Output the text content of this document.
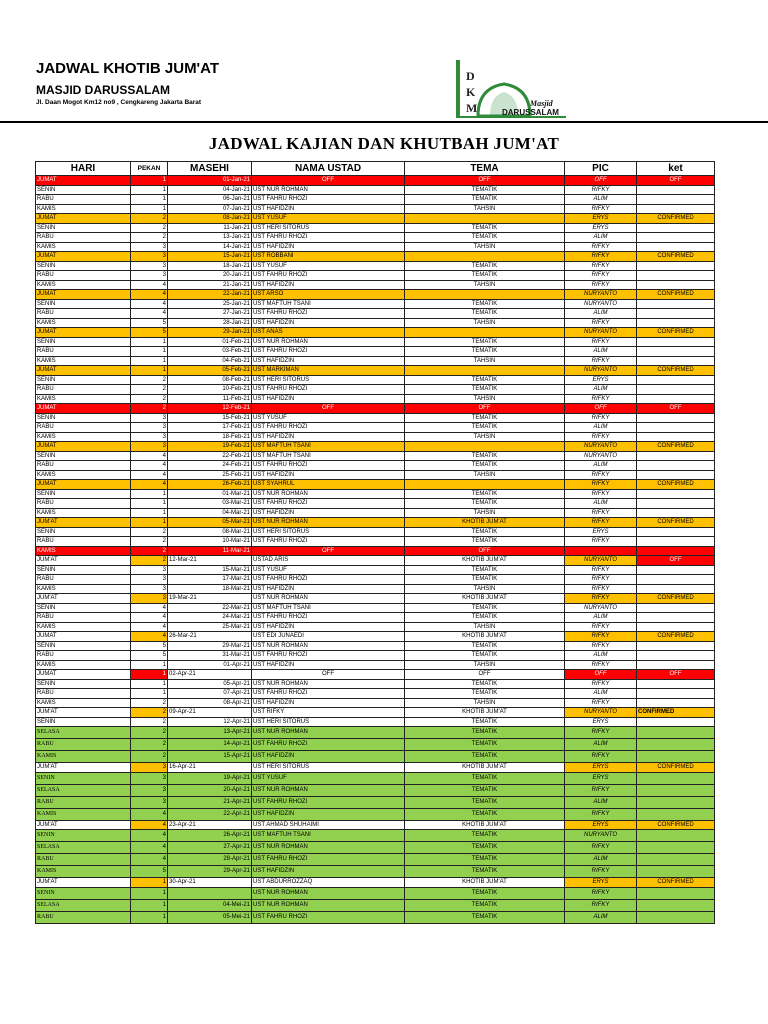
JADWAL KHOTIB JUM'AT
MASJID DARUSSALAM
Jl. Daan Mogot Km12 no9 , Cengkareng Jakarta Barat
D
K
M	Masjid
DARUSSALAM
JADWAL KAJIAN DAN KHUTBAH JUM'AT
HARI	PEKAN	MASEHI	NAMA USTAD	TEMA	PIC	ket
JUMAT	1	01-Jan-21	OFF	OFF	OFF	OFF
SENIN	1	04-Jan-21	UST NUR ROHMAN	TEMATIK	RIFKY	
RABU	1	06-Jan-21	UST FAHRU RHOZI	TEMATIK	ALIM	
KAMIS	1	07-Jan-21	UST HAFIDZIN	TAHSIN	RIFKY	
JUMAT	2	08-Jan-21	UST YUSUF		ERYS	CONFIRMED
SENIN	2	11-Jan-21	UST HERI SITORUS	TEMATIK	ERYS	
RABU	2	13-Jan-21	UST FAHRU RHOZI	TEMATIK	ALIM	
KAMIS	3	14-Jan-21	UST HAFIDZIN	TAHSIN	RIFKY	
JUMAT	3	15-Jan-21	UST ROBBANI		RIFKY	CONFIRMED
SENIN	3	18-Jan-21	UST YUSUF	TEMATIK	RIFKY	
RABU	3	20-Jan-21	UST FAHRU RHOZI	TEMATIK	RIFKY	
KAMIS	4	21-Jan-21	UST HAFIDZIN	TAHSIN	RIFKY	
JUMAT	4	22-Jan-21	UST ARSO		NURYANTO	CONFIRMED
SENIN	4	25-Jan-21	UST MAFTUH TSANI	TEMATIK	NURYANTO	
RABU	4	27-Jan-21	UST FAHRU RHOZI	TEMATIK	ALIM	
KAMIS	5	28-Jan-21	UST HAFIDZIN	TAHSIN	RIFKY	
JUMAT	5	29-Jan-21	UST ANAS		NURYANTO	CONFIRMED
SENIN	1	01-Feb-21	UST NUR ROHMAN	TEMATIK	RIFKY	
RABU	1	03-Feb-21	UST FAHRU RHOZI	TEMATIK	ALIM	
KAMIS	1	04-Feb-21	UST HAFIDZIN	TAHSIN	RIFKY	
JUMAT	1	05-Feb-21	UST MARKIMAN		NURYANTO	CONFIRMED
SENIN	2	08-Feb-21	UST HERI SITORUS	TEMATIK	ERYS	
RABU	2	10-Feb-21	UST FAHRU RHOZI	TEMATIK	ALIM	
KAMIS	2	11-Feb-21	UST HAFIDZIN	TAHSIN	RIFKY	
JUMAT	2	12-Feb-21	OFF	OFF	OFF	OFF
SENIN	3	15-Feb-21	UST YUSUF	TEMATIK	RIFKY	
RABU	3	17-Feb-21	UST FAHRU RHOZI	TEMATIK	ALIM	
KAMIS	3	18-Feb-21	UST HAFIDZIN	TAHSIN	RIFKY	
JUMAT	3	19-Feb-21	UST MAFTUH TSANI		NURYANTO	CONFIRMED
SENIN	4	22-Feb-21	UST MAFTUH TSANI	TEMATIK	NURYANTO	
RABU	4	24-Feb-21	UST FAHRU RHOZI	TEMATIK	ALIM	
KAMIS	4	25-Feb-21	UST HAFIDZIN	TAHSIN	RIFKY	
JUMAT	4	26-Feb-21	UST SYAHRUL		RIFKY	CONFIRMED
SENIN	1	01-Mar-21	UST NUR ROHMAN	TEMATIK	RIFKY	
RABU	1	03-Mar-21	UST FAHRU RHOZI	TEMATIK	ALIM	
KAMIS	1	04-Mar-21	UST HAFIDZIN	TAHSIN	RIFKY	
JUM'AT	1	05-Mar-21	UST NUR ROHMAN	KHOTIB JUM'AT	RIFKY	CONFIRMED
SENIN	2	08-Mar-21	UST HERI SITORUS	TEMATIK	ERYS	
RABU	2	10-Mar-21	UST FAHRU RHOZI	TEMATIK	RIFKY	
KAMIS	2	11-Mar-21	OFF	OFF		
JUM'AT	2	12-Mar-21	USTAD ARIS	KHOTIB JUM'AT	NURYANTO	OFF
SENIN	3	15-Mar-21	UST YUSUF	TEMATIK	RIFKY	
RABU	3	17-Mar-21	UST FAHRU RHOZI	TEMATIK	RIFKY	
KAMIS	3	18-Mar-21	UST HAFIDZIN	TAHSIN	RIFKY	
JUM'AT	3	19-Mar-21	UST NUR ROHMAN	KHOTIB JUM'AT	RIFKY	CONFIRMED
SENIN	4	22-Mar-21	UST MAFTUH TSANI	TEMATIK	NURYANTO	
RABU	4	24-Mar-21	UST FAHRU RHOZI	TEMATIK	ALIM	
KAMIS	4	25-Mar-21	UST HAFIDZIN	TAHSIN	RIFKY	
JUMAT	4	26-Mar-21	UST EDI JUNAEDI	KHOTIB JUM'AT	RIFKY	CONFIRMED
SENIN	5	29-Mar-21	UST NUR ROHMAN	TEMATIK	RIFKY	
RABU	5	31-Mar-21	UST FAHRU RHOZI	TEMATIK	ALIM	
KAMIS	1	01-Apr-21	UST HAFIDZIN	TAHSIN	RIFKY	
JUMAT	1	02-Apr-21	OFF	OFF	OFF	OFF
SENIN	1	05-Apr-21	UST NUR ROHMAN	TEMATIK	RIFKY	
RABU	1	07-Apr-21	UST FAHRU RHOZI	TEMATIK	ALIM	
KAMIS	2	08-Apr-21	UST HAFIDZIN	TAHSIN	RIFKY	
JUM'AT	2	09-Apr-21	UST RIFKY	KHOTIB JUM'AT	NURYANTO	CONFIRMED
SENIN	2	12-Apr-21	UST HERI SITORUS	TEMATIK	ERYS	
SELASA	2	13-Apr-21	UST NUR ROHMAN	TEMATIK	RIFKY	
RABU	2	14-Apr-21	UST FAHRU RHOZI	TEMATIK	ALIM	
KAMIS	2	15-Apr-21	UST HAFIDZIN	TEMATIK	RIFKY	
JUM'AT	3	16-Apr-21	UST HERI SITORUS	KHOTIB JUM'AT	ERYS	CONFIRMED
SENIN	3	19-Apr-21	UST YUSUF	TEMATIK	ERYS	
SELASA	3	20-Apr-21	UST NUR ROHMAN	TEMATIK	RIFKY	
RABU	3	21-Apr-21	UST FAHRU RHOZI	TEMATIK	ALIM	
KAMIS	4	22-Apr-21	UST HAFIDZIN	TEMATIK	RIFKY	
JUM'AT	4	23-Apr-21	UST AHMAD SHUHAIMI	KHOTIB JUM'AT	ERYS	CONFIRMED
SENIN	4	26-Apr-21	UST MAFTUH TSANI	TEMATIK	NURYANTO	
SELASA	4	27-Apr-21	UST NUR ROHMAN	TEMATIK	RIFKY	
RABU	4	28-Apr-21	UST FAHRU RHOZI	TEMATIK	ALIM	
KAMIS	5	29-Apr-21	UST HAFIDZIN	TEMATIK	RIFKY	
JUM'AT	1	30-Apr-21	UST ABDURROZZAQ	KHOTIB JUM'AT	ERYS	CONFIRMED
SENIN	1		UST NUR ROHMAN	TEMATIK	RIFKY	
SELASA	1	04-Mei-21	UST NUR ROHMAN	TEMATIK	RIFKY	
RABU	1	05-Mei-21	UST FAHRU RHOZI	TEMATIK	ALIM	
